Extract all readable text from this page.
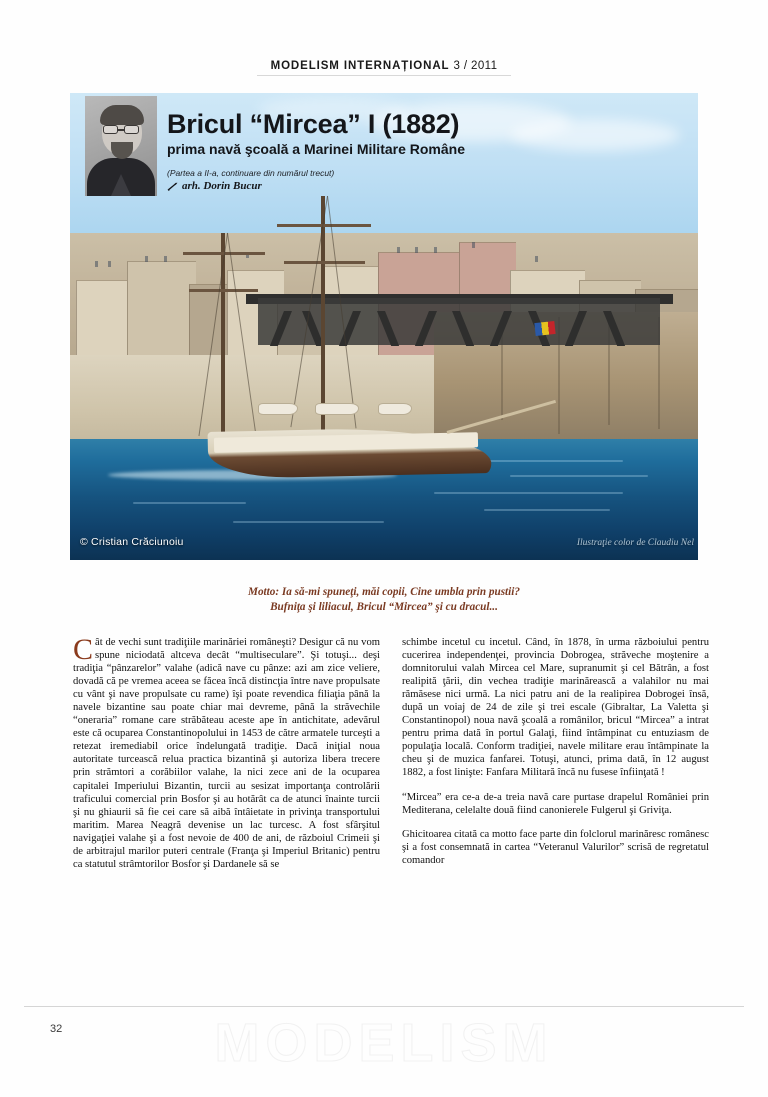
MODELISM INTERNAȚIONAL 3 / 2011
© Cristian Crăciunoiu	Ilustraţie color de Claudiu Nel
Bricul “Mircea” I (1882)
prima navă şcoală a Marinei Militare Române
(Partea a II-a, continuare din numărul trecut)
arh. Dorin Bucur
Motto: Ia să-mi spuneţi, măi copii, Cine umbla prin pustii?
Bufniţa şi liliacul, Bricul “Mircea” şi cu dracul...

Cât de vechi sunt tradiţiile marinăriei româneşti? Desigur că nu vom spune niciodată altceva decât “multiseculare”. Şi totuşi... deşi tradiţia “pânzarelor” valahe (adică nave cu pânze: azi am zice veliere, dovadă că pe vremea aceea se făcea încă distincţia între nave propulsate cu vânt şi nave propulsate cu rame) îşi poate revendica filiaţia până la navele bizantine sau poate chiar mai devreme, până la străvechile “oneraria” romane care străbăteau aceste ape în antichitate, adevărul este că ocuparea Constantinopolului in 1453 de către armatele turceşti a retezat iremediabil orice îndelungată tradiţie. Dacă iniţial noua autoritate turcească relua practica bizantină şi autoriza libera trecere prin strămtori a corăbiilor valahe, la nici zece ani de la ocuparea capitalei Imperiului Bizantin, turcii au sesizat importanţa controlării traficului comercial prin Bosfor şi au hotărât ca de atunci înainte turcii şi nu ghiaurii să fie cei care să aibă întâietate in privinţa transportului maritim. Marea Neagră devenise un lac turcesc. A fost sfârşitul navigaţiei valahe şi a fost nevoie de 400 de ani, de războiul Crimeii şi de arbitrajul marilor puteri centrale (Franţa şi Imperiul Britanic) pentru ca statutul strâmtorilor Bosfor şi Dardanele să se

schimbe incetul cu incetul. Când, în 1878, în urma războiului pentru cucerirea independenţei, provincia Dobrogea, străveche moştenire a domnitorului valah Mircea cel Mare, supranumit şi cel Bătrân, a fost realipită ţării, din vechea tradiţie marinărească a valahilor nu mai rămăsese nici urmă. La nici patru ani de la realipirea Dobrogei însă, după un voiaj de 24 de zile şi trei escale (Gibraltar, La Valetta şi Constantinopol) noua navă şcoală a românilor, bricul “Mircea” a intrat pentru prima dată în portul Galaţi, fiind întâmpinat cu entuziasm de populaţia locală. Conform tradiţiei, navele militare erau întâmpinate la cheu şi de muzica fanfarei. Totuşi, atunci, prima dată, în 12 august 1882, a fost linişte: Fanfara Militară încă nu fusese înfiinţată !

“Mircea” era ce-a de-a treia navă care purtase drapelul României prin Mediterana, celelalte două fiind canonierele Fulgerul şi Griviţa.

Ghicitoarea citată ca motto face parte din folclorul marinăresc românesc şi a fost consemnată in cartea “Veteranul Valurilor” scrisă de regretatul comandor

MODELISM
32
